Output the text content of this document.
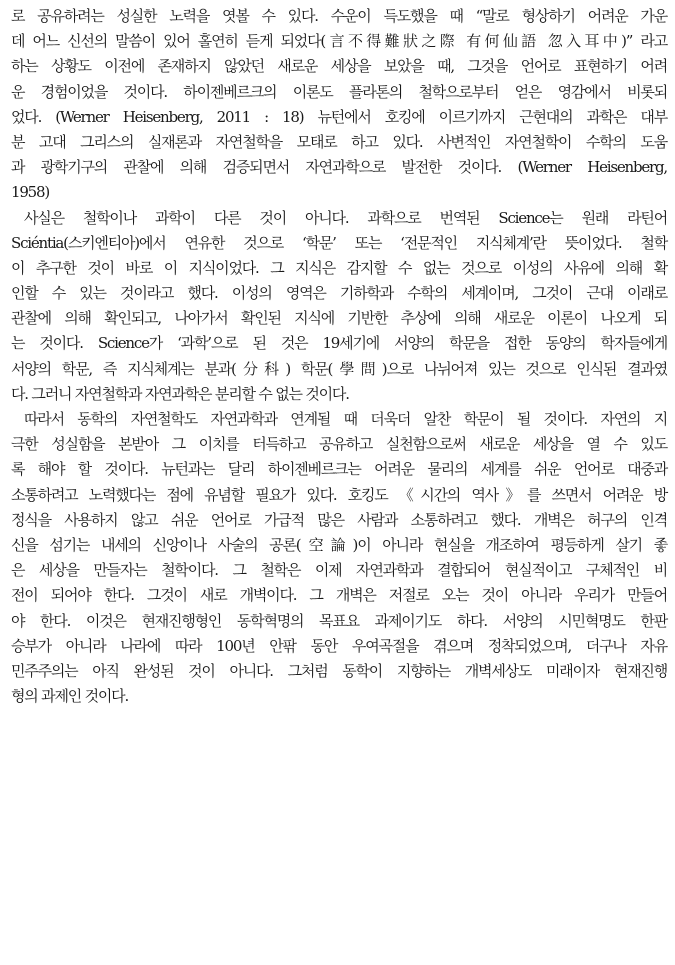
로 공유하려는 성실한 노력을 엿볼 수 있다. 수운이 득도했을 때 “말로 형상하기 어려운 가운
데 어느 신선의 말씀이 있어 홀연히 듣게 되었다(言不得難狀之際 有何仙語 忽入耳中)” 라고
하는 상황도 이전에 존재하지 않았던 새로운 세상을 보았을 때, 그것을 언어로 표현하기 어려
운 경험이었을 것이다. 하이젠베르크의 이론도 플라톤의 철학으로부터 얻은 영감에서 비롯되
었다. (Werner Heisenberg, 2011 : 18) 뉴턴에서 호킹에 이르기까지 근현대의 과학은 대부
분 고대 그리스의 실재론과 자연철학을 모태로 하고 있다. 사변적인 자연철학이 수학의 도움
과 광학기구의 관찰에 의해 검증되면서 자연과학으로 발전한 것이다. (Werner Heisenberg,
1958)
사실은 철학이나 과학이 다른 것이 아니다. 과학으로 번역된 Science는 원래 라틴어
Sciéntia(스키엔티아)에서 연유한 것으로 ‘학문’ 또는 ‘전문적인 지식체계’란 뜻이었다. 철학
이 추구한 것이 바로 이 지식이었다. 그 지식은 감지할 수 없는 것으로 이성의 사유에 의해 확
인할 수 있는 것이라고 했다. 이성의 영역은 기하학과 수학의 세계이며, 그것이 근대 이래로
관찰에 의해 확인되고, 나아가서 확인된 지식에 기반한 추상에 의해 새로운 이론이 나오게 되
는 것이다. Science가 ‘과학’으로 된 것은 19세기에 서양의 학문을 접한 동양의 학자들에게
서양의 학문, 즉 지식체계는 분과(分科) 학문(學問)으로 나뉘어져 있는 것으로 인식된 결과였
다. 그러니 자연철학과 자연과학은 분리할 수 없는 것이다.
따라서 동학의 자연철학도 자연과학과 연계될 때 더욱더 알찬 학문이 될 것이다. 자연의 지
극한 성실함을 본받아 그 이치를 터득하고 공유하고 실천함으로써 새로운 세상을 열 수 있도
록 해야 할 것이다. 뉴턴과는 달리 하이젠베르크는 어려운 물리의 세계를 쉬운 언어로 대중과
소통하려고 노력했다는 점에 유념할 필요가 있다. 호킹도 《시간의 역사》를 쓰면서 어려운 방
정식을 사용하지 않고 쉬운 언어로 가급적 많은 사람과 소통하려고 했다. 개벽은 허구의 인격
신을 섬기는 내세의 신앙이나 사술의 공론(空論)이 아니라 현실을 개조하여 평등하게 살기 좋
은 세상을 만들자는 철학이다. 그 철학은 이제 자연과학과 결합되어 현실적이고 구체적인 비
전이 되어야 한다. 그것이 새로 개벽이다. 그 개벽은 저절로 오는 것이 아니라 우리가 만들어
야 한다. 이것은 현재진행형인 동학혁명의 목표요 과제이기도 하다. 서양의 시민혁명도 한판
승부가 아니라 나라에 따라 100년 안팎 동안 우여곡절을 겪으며 정착되었으며, 더구나 자유
민주주의는 아직 완성된 것이 아니다. 그처럼 동학이 지향하는 개벽세상도 미래이자 현재진행
형의 과제인 것이다.
